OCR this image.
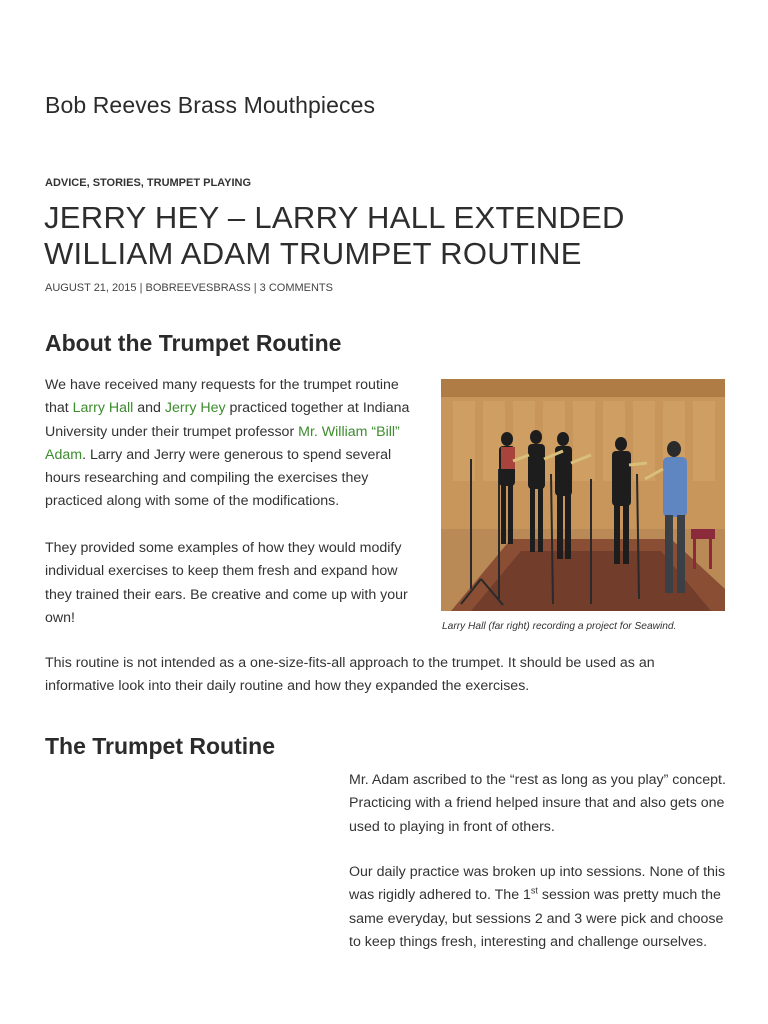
Bob Reeves Brass Mouthpieces
ADVICE, STORIES, TRUMPET PLAYING
JERRY HEY – LARRY HALL EXTENDED WILLIAM ADAM TRUMPET ROUTINE
AUGUST 21, 2015 | BOBREEVESBRASS | 3 COMMENTS
About the Trumpet Routine

We have received many requests for the trumpet routine that Larry Hall and Jerry Hey practiced together at Indiana University under their trumpet professor Mr. William “Bill” Adam. Larry and Jerry were generous to spend several hours researching and compiling the exercises they practiced along with some of the modifications.

They provided some examples of how they would modify individual exercises to keep them fresh and expand how they trained their ears. Be creative and come up with your own!

Larry Hall (far right) recording a project for Seawind.

This routine is not intended as a one-size-fits-all approach to the trumpet. It should be used as an informative look into their daily routine and how they expanded the exercises.

The Trumpet Routine

Mr. Adam ascribed to the “rest as long as you play” concept. Practicing with a friend helped insure that and also gets one used to playing in front of others.

Our daily practice was broken up into sessions. None of this was rigidly adhered to. The 1st session was pretty much the same everyday, but sessions 2 and 3 were pick and choose to keep things fresh, interesting and challenge ourselves.
